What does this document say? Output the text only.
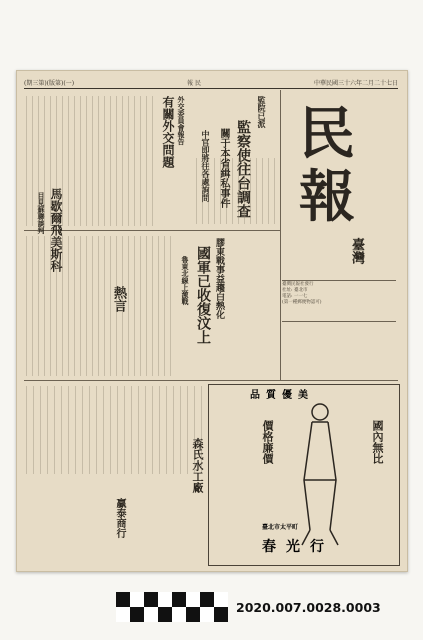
(期三第)(版第)(一)	報 民	中華民國三十六年二月二十七日
民
報
臺灣
臺灣民報社發行
社址: 臺北市
電話: 一一七
(第一種郵便物認可)
監院已派
監察使往台調查
關于本省緝私事件
中官即將往各處詢問
外交委員會報告
有關外交問題
膠東戰事益趨白熱化
國軍已收復汶上
魯東北線上激戰
馬歇爾飛美斯科
目見蘇聯談判
熱言
品質優美
價格廉價	國內無比
森氏水工廠
贏泰商行
春光行
臺北市太平町
2020.007.0028.0003
